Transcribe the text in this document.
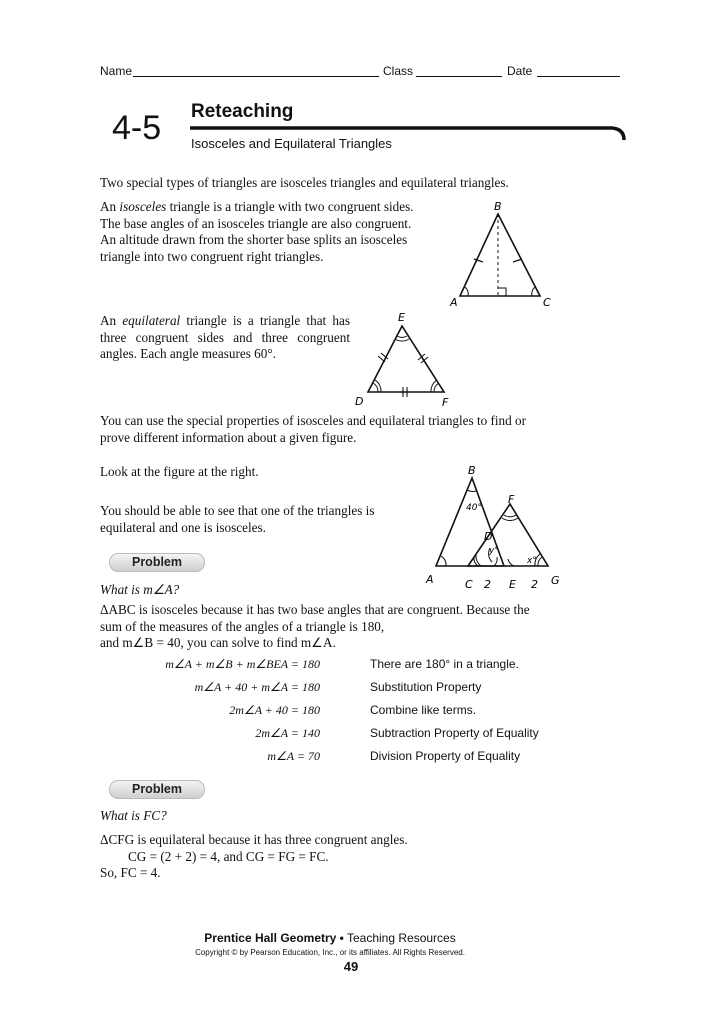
Name	Class	Date
4-5 Reteaching
Isosceles and Equilateral Triangles
Two special types of triangles are isosceles triangles and equilateral triangles.
An isosceles triangle is a triangle with two congruent sides.
The base angles of an isosceles triangle are also congruent.
An altitude drawn from the shorter base splits an isosceles
triangle into two congruent right triangles.
B
A	C
An equilateral triangle is a triangle that has
three congruent sides and three congruent
angles. Each angle measures 60°.
E
D	F
You can use the special properties of isosceles and equilateral triangles to find or
prove different information about a given figure.
Look at the figure at the right.
You should be able to see that one of the triangles is
equilateral and one is isosceles.
B
40°
F
D
y°
x°
A	C 2 E 2 G
Problem
What is m∠A?
ΔABC is isosceles because it has two base angles that are congruent. Because the
sum of the measures of the angles of a triangle is 180,
and m∠B = 40, you can solve to find m∠A.
m∠A + m∠B + m∠BEA = 180	There are 180° in a triangle.
m∠A + 40 + m∠A = 180	Substitution Property
2m∠A + 40 = 180	Combine like terms.
2m∠A = 140	Subtraction Property of Equality
m∠A = 70	Division Property of Equality
Problem
What is FC?
ΔCFG is equilateral because it has three congruent angles.
CG = (2 + 2) = 4, and CG = FG = FC.
So, FC = 4.
Prentice Hall Geometry • Teaching Resources
Copyright © by Pearson Education, Inc., or its affiliates. All Rights Reserved.
49
